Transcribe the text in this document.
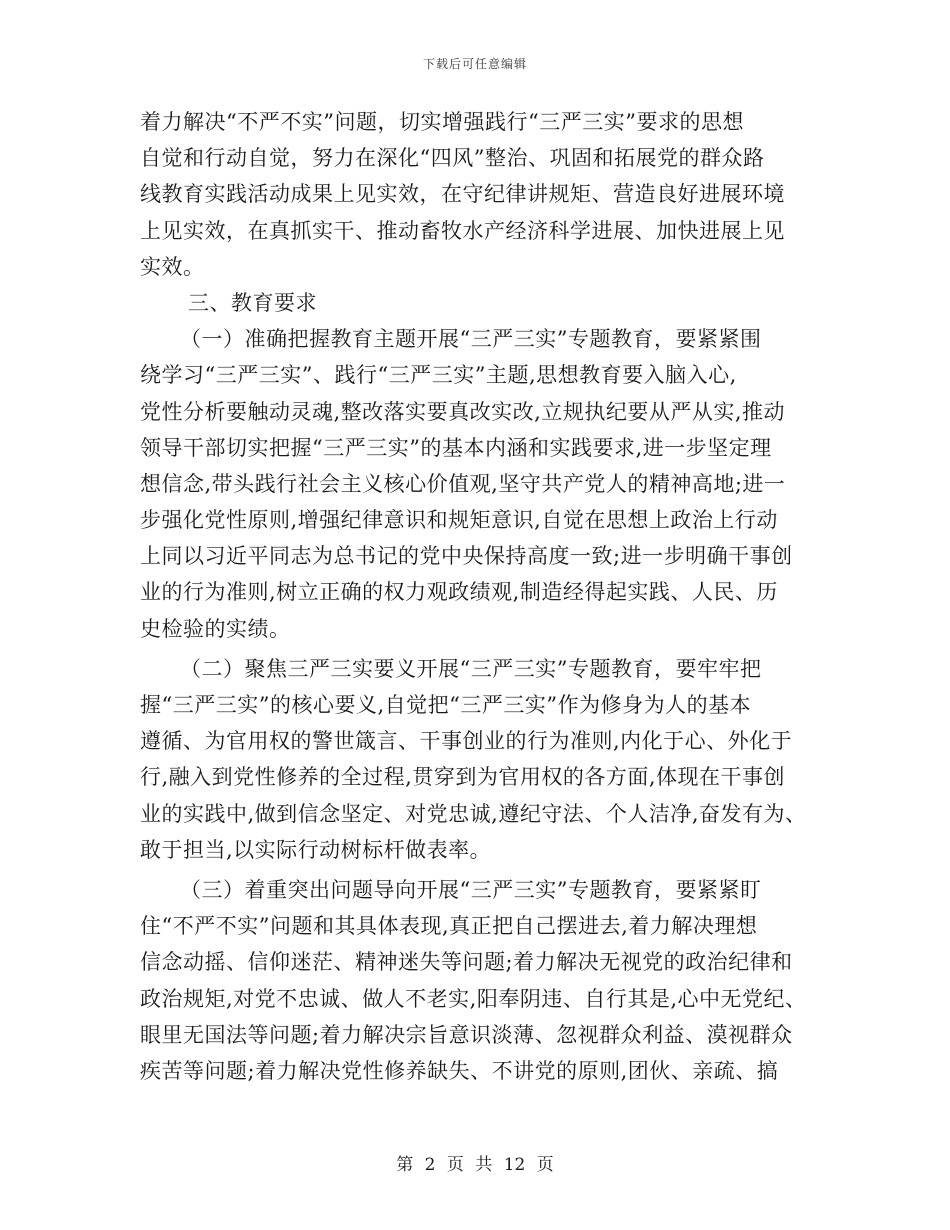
下载后可任意编辑
着力解决“不严不实”问题，切实增强践行“三严三实”要求的思想
自觉和行动自觉，努力在深化“四风”整治、巩固和拓展党的群众路
线教育实践活动成果上见实效，在守纪律讲规矩、营造良好进展环境
上见实效，在真抓实干、推动畜牧水产经济科学进展、加快进展上见
实效。
三、教育要求
（一）准确把握教育主题开展“三严三实”专题教育，要紧紧围
绕学习“三严三实”、践行“三严三实”主题,思想教育要入脑入心,
党性分析要触动灵魂,整改落实要真改实改,立规执纪要从严从实,推动
领导干部切实把握“三严三实”的基本内涵和实践要求,进一步坚定理
想信念,带头践行社会主义核心价值观,坚守共产党人的精神高地;进一
步强化党性原则,增强纪律意识和规矩意识,自觉在思想上政治上行动
上同以习近平同志为总书记的党中央保持高度一致;进一步明确干事创
业的行为准则,树立正确的权力观政绩观,制造经得起实践、人民、历
史检验的实绩。
（二）聚焦三严三实要义开展“三严三实”专题教育，要牢牢把
握“三严三实”的核心要义,自觉把“三严三实”作为修身为人的基本
遵循、为官用权的警世箴言、干事创业的行为准则,内化于心、外化于
行,融入到党性修养的全过程,贯穿到为官用权的各方面,体现在干事创
业的实践中,做到信念坚定、对党忠诚,遵纪守法、个人洁净,奋发有为、
敢于担当,以实际行动树标杆做表率。
（三）着重突出问题导向开展“三严三实”专题教育，要紧紧盯
住“不严不实”问题和其具体表现,真正把自己摆进去,着力解决理想
信念动摇、信仰迷茫、精神迷失等问题;着力解决无视党的政治纪律和
政治规矩,对党不忠诚、做人不老实,阳奉阴违、自行其是,心中无党纪、
眼里无国法等问题;着力解决宗旨意识淡薄、忽视群众利益、漠视群众
疾苦等问题;着力解决党性修养缺失、不讲党的原则,团伙、亲疏、搞
第 2 页 共 12 页
